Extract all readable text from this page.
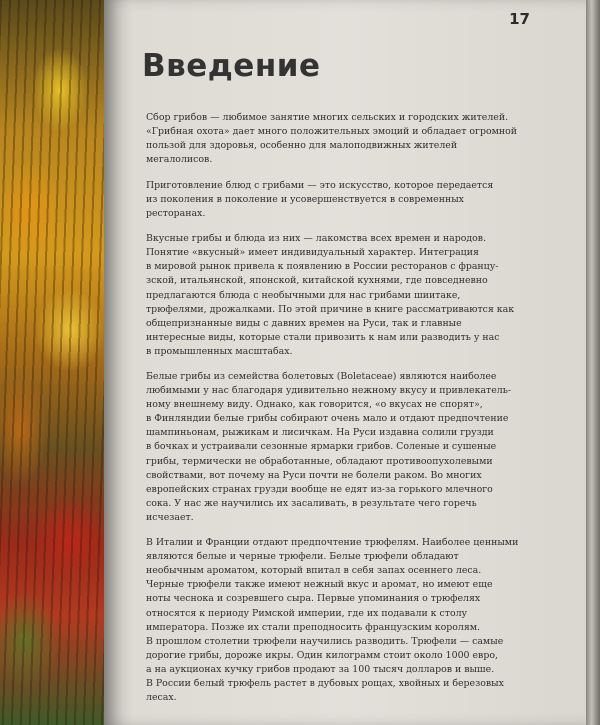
17
Введение

Сбор грибов — любимое занятие многих сельских и городских жителей.
«Грибная охота» дает много положительных эмоций и обладает огромной
пользой для здоровья, особенно для малоподвижных жителей
мегалолисов.

Приготовление блюд с грибами — это искусство, которое передается
из поколения в поколение и усовершенствуется в современных
ресторанах.

Вкусные грибы и блюда из них — лакомства всех времен и народов.
Понятие «вкусный» имеет индивидуальный характер. Интеграция
в мировой рынок привела к появлению в России ресторанов с францу-
зской, итальянской, японской, китайской кухнями, где повседневно
предлагаются блюда с необычными для нас грибами шиитаке,
трюфелями, дрожалками. По этой причине в книге рассматриваются как
общепризнанные виды с давних времен на Руси, так и главные
интересные виды, которые стали привозить к нам или разводить у нас
в промышленных масштабах.

Белые грибы из семейства болетовых (Boletaceae) являются наиболее
любимыми у нас благодаря удивительно нежному вкусу и привлекатель-
ному внешнему виду. Однако, как говорится, «о вкусах не спорят»,
в Финляндии белые грибы собирают очень мало и отдают предпочтение
шампиньонам, рыжикам и лисичкам. На Руси издавна солили грузди
в бочках и устраивали сезонные ярмарки грибов. Соленые и сушеные
грибы, термически не обработанные, обладают противоопухолевыми
свойствами, вот почему на Руси почти не болели раком. Во многих
европейских странах грузди вообще не едят из-за горького млечного
сока. У нас же научились их засаливать, в результате чего горечь
исчезает.

В Италии и Франции отдают предпочтение трюфелям. Наиболее ценными
являются белые и черные трюфели. Белые трюфели обладают
необычным ароматом, который впитал в себя запах осеннего леса.
Черные трюфели также имеют нежный вкус и аромат, но имеют еще
ноты чеснока и созревшего сыра. Первые упоминания о трюфелях
относятся к периоду Римской империи, где их подавали к столу
императора. Позже их стали преподносить французским королям.
В прошлом столетии трюфели научились разводить. Трюфели — самые
дорогие грибы, дороже икры. Один килограмм стоит около 1000 евро,
а на аукционах кучку грибов продают за 100 тысяч долларов и выше.
В России белый трюфель растет в дубовых рощах, хвойных и березовых
лесах.
